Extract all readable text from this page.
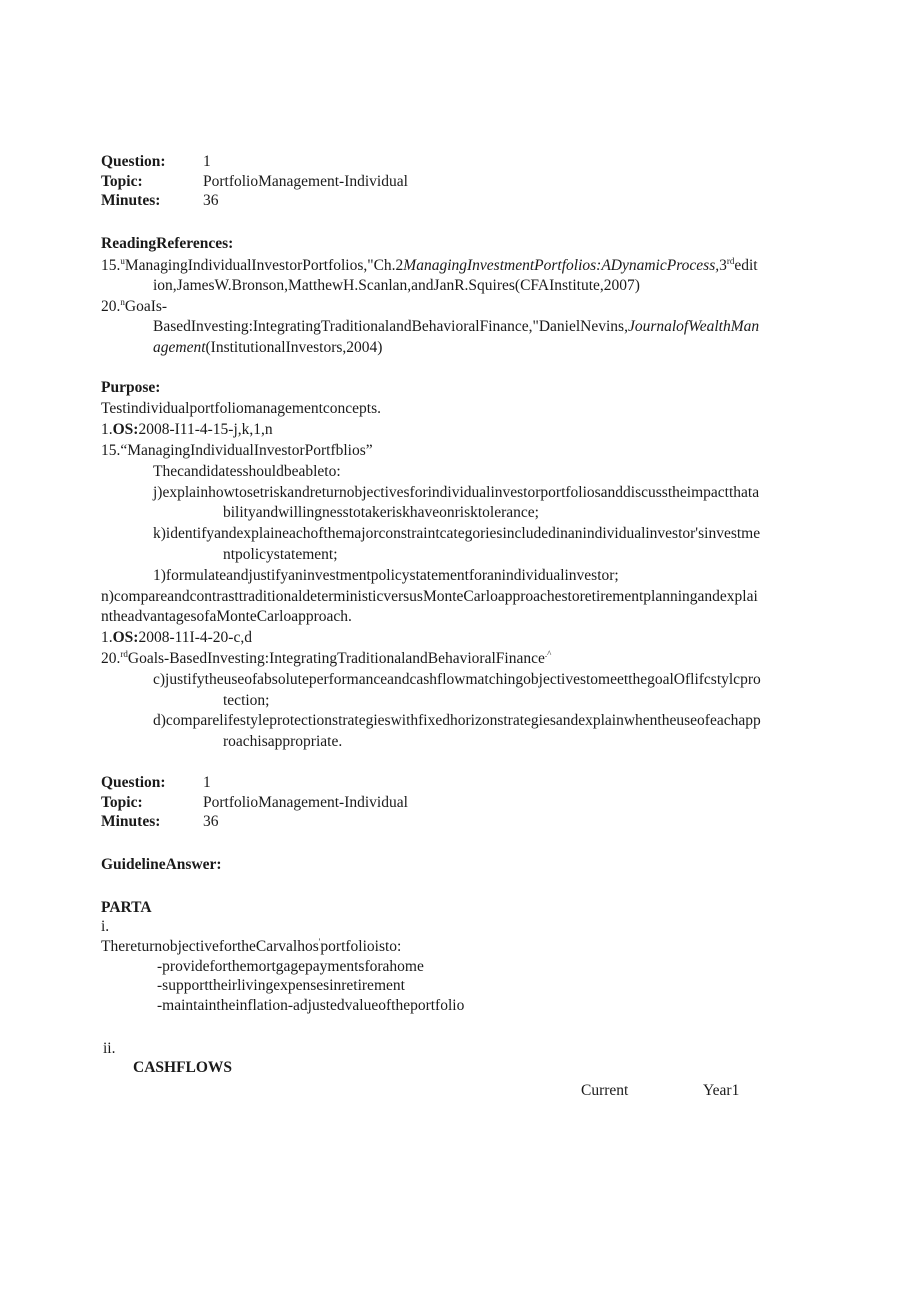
Question: 1
Topic:	PortfolioManagement-Individual
Minutes:	36
ReadingReferences:
15.$^u$ManagingIndividualInvestorPortfolios,"Ch.2ManagingInvestmentPortfolios:ADynamicProcess,3rdedit
ion,JamesW.Bronson,MatthewH.Scanlan,andJanR.Squires(CFAInstitute,2007)
20.$^n$GoaIs-
BasedInvesting:IntegratingTraditionalandBehavioralFinance,"DanielNevins,JournalofWealthMan
agement(InstitutionalInvestors,2004)
Purpose:
Testindividualportfoliomanagementconcepts.
1.OS:2008-I11-4-15-j,k,1,n
15.“ManagingIndividualInvestorPortfblios”
Thecandidatesshouldbeableto:
j)explainhowtosetriskandreturnobjectivesforindividualinvestorportfoliosanddiscusstheimpactthata
bilityandwillingnesstotakeriskhaveonrisktolerance;
k)identifyandexplaineachofthemajorconstraintcategoriesincludedinanindividualinvestor'sinvestme
ntpolicystatement;
1)formulateandjustifyaninvestmentpolicystatementforanindividualinvestor;
n)compareandcontrasttraditionaldeterministicversusMonteCarloapproachestoretirementplanningandexplai
ntheadvantagesofaMonteCarloapproach.
1.OS:2008-11I-4-20-c,d
20.$^{rd}$Goals-BasedInvesting:IntegratingTraditionalandBehavioralFinance.^
c)justifytheuseofabsoluteperformanceandcashflowmatchingobjectivestomeetthegoalOflifcstylcpro
tection;
d)comparelifestyleprotectionstrategieswithfixedhorizonstrategiesandexplainwhentheuseofeachapp
roachisappropriate.
Question: 1
Topic:	PortfolioManagement-Individual
Minutes:	36
GuidelineAnswer:
PARTA
i.
ThereturnobjectivefortheCarvalhos'portfolioisto:
-provideforthemortgagepaymentsforahome
-supporttheirlivingexpensesinretirement
-maintaintheinflation-adjustedvalueoftheportfolio
ii.
CASHFLOWS
Current	Year1
